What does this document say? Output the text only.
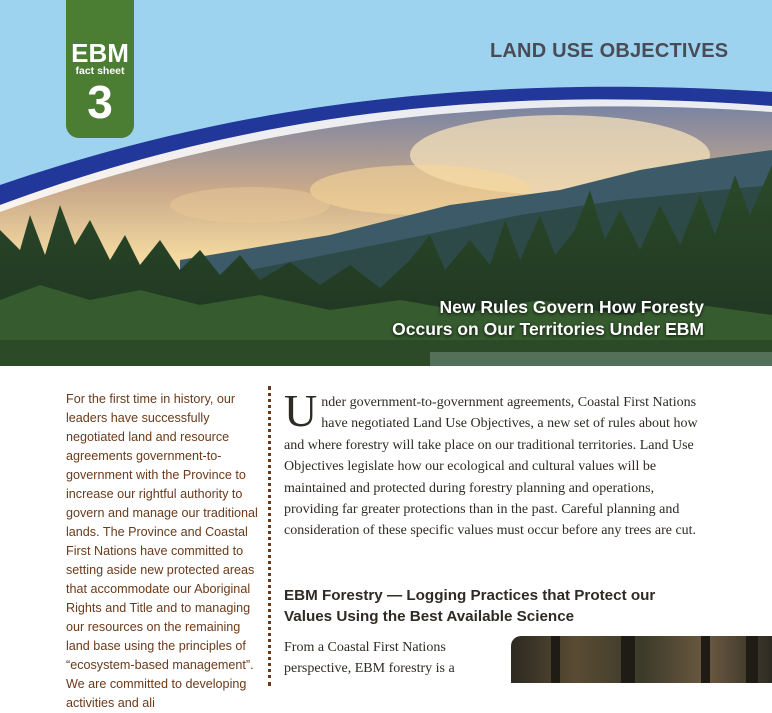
EBM
fact sheet
3
LAND USE OBJECTIVES

New Rules Govern How Foresty
Occurs on Our Territories Under EBM

For the first time in history, our leaders have successfully negotiated land and resource agreements government-to-government with the Province to increase our rightful authority to govern and manage our traditional lands. The Province and Coastal First Nations have committed to setting aside new protected areas that accommodate our Aboriginal Rights and Title and to managing our resources on the remaining land base using the principles of “ecosystem-based management”. We are committed to developing activities and ali
U nder government-to-government agreements, Coastal First Nations have negotiated Land Use Objectives, a new set of rules about how and where forestry will take place on our traditional territories. Land Use Objectives legislate how our ecological and cultural values will be maintained and protected during forestry planning and operations, providing far greater protections than in the past. Careful planning and consideration of these specific values must occur before any trees are cut.

EBM Forestry — Logging Practices that Protect our Values Using the Best Available Science
From a Coastal First Nations perspective, EBM forestry is a
